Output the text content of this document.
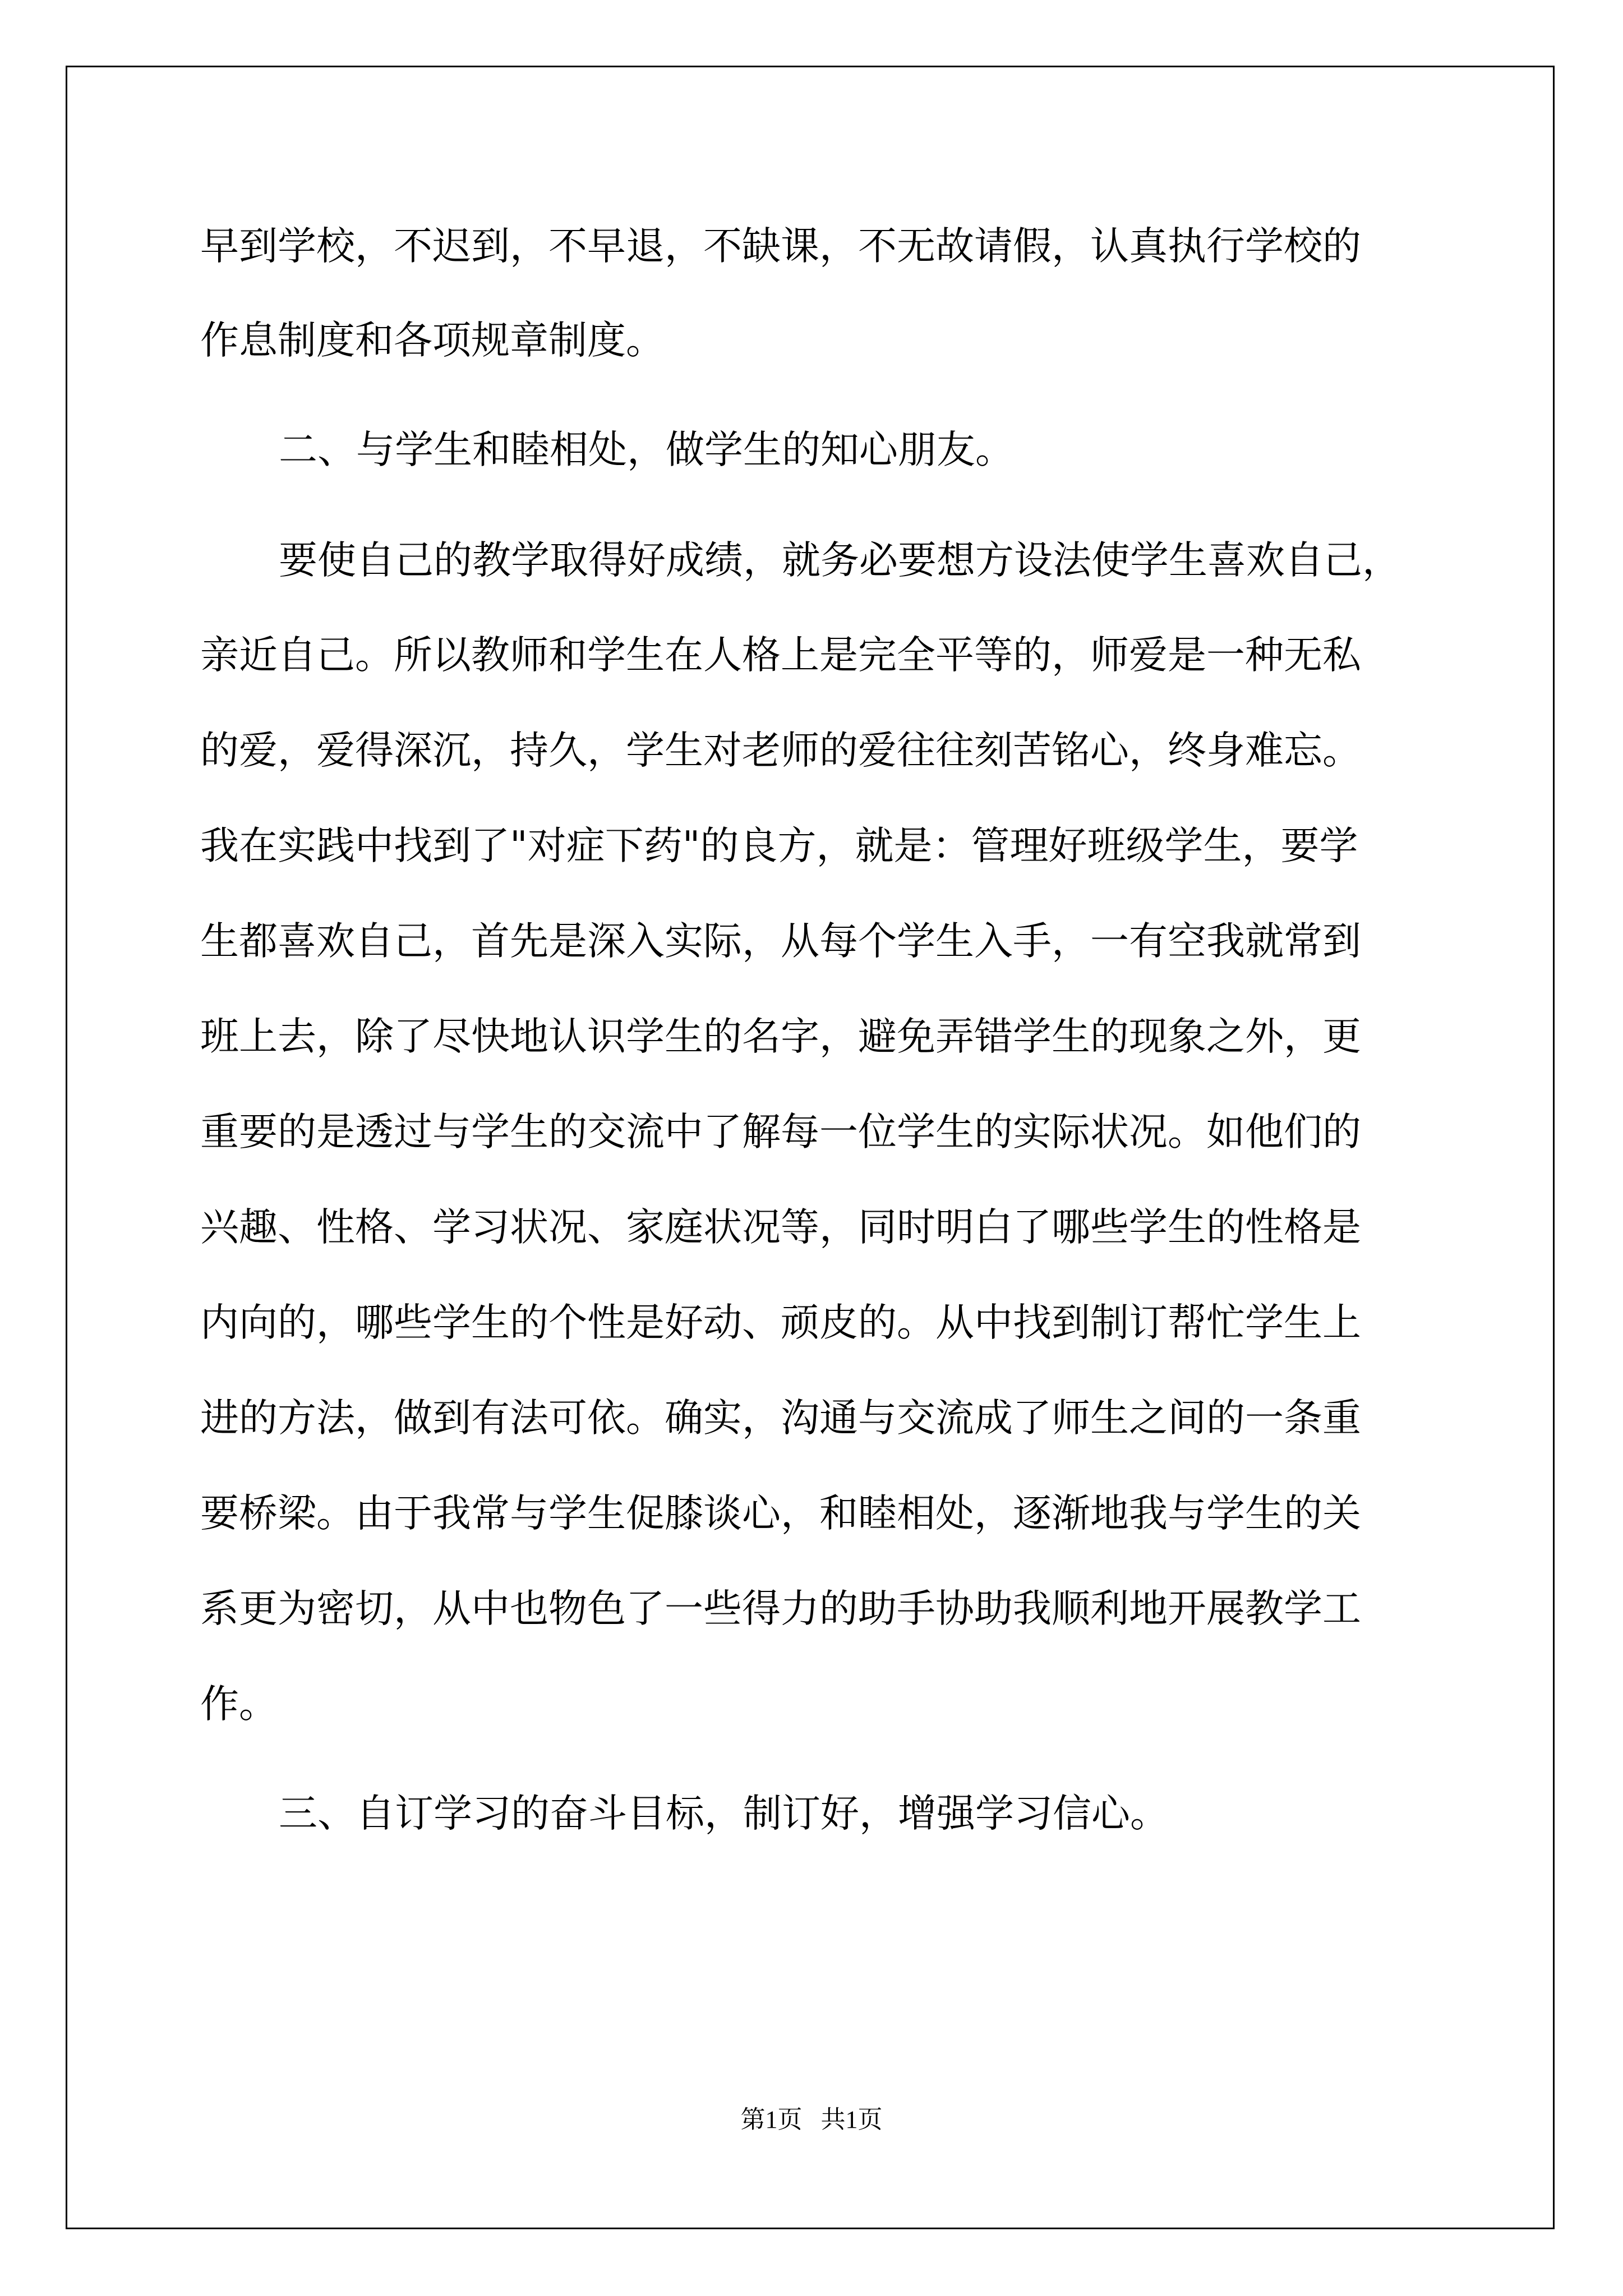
早到学校，不迟到，不早退，不缺课，不无故请假，认真执行学校的

作息制度和各项规章制度。

二、与学生和睦相处，做学生的知心朋友。

要使自己的教学取得好成绩，就务必要想方设法使学生喜欢自己，

亲近自己。所以教师和学生在人格上是完全平等的，师爱是一种无私

的爱，爱得深沉，持久，学生对老师的爱往往刻苦铭心，终身难忘。

我在实践中找到了"对症下药"的良方，就是：管理好班级学生，要学

生都喜欢自己，首先是深入实际，从每个学生入手，一有空我就常到

班上去，除了尽快地认识学生的名字，避免弄错学生的现象之外，更

重要的是透过与学生的交流中了解每一位学生的实际状况。如他们的

兴趣、性格、学习状况、家庭状况等，同时明白了哪些学生的性格是

内向的，哪些学生的个性是好动、顽皮的。从中找到制订帮忙学生上

进的方法，做到有法可依。确实，沟通与交流成了师生之间的一条重

要桥梁。由于我常与学生促膝谈心，和睦相处，逐渐地我与学生的关

系更为密切，从中也物色了一些得力的助手协助我顺利地开展教学工

作。

三、自订学习的奋斗目标，制订好，增强学习信心。

第1页   共1页
